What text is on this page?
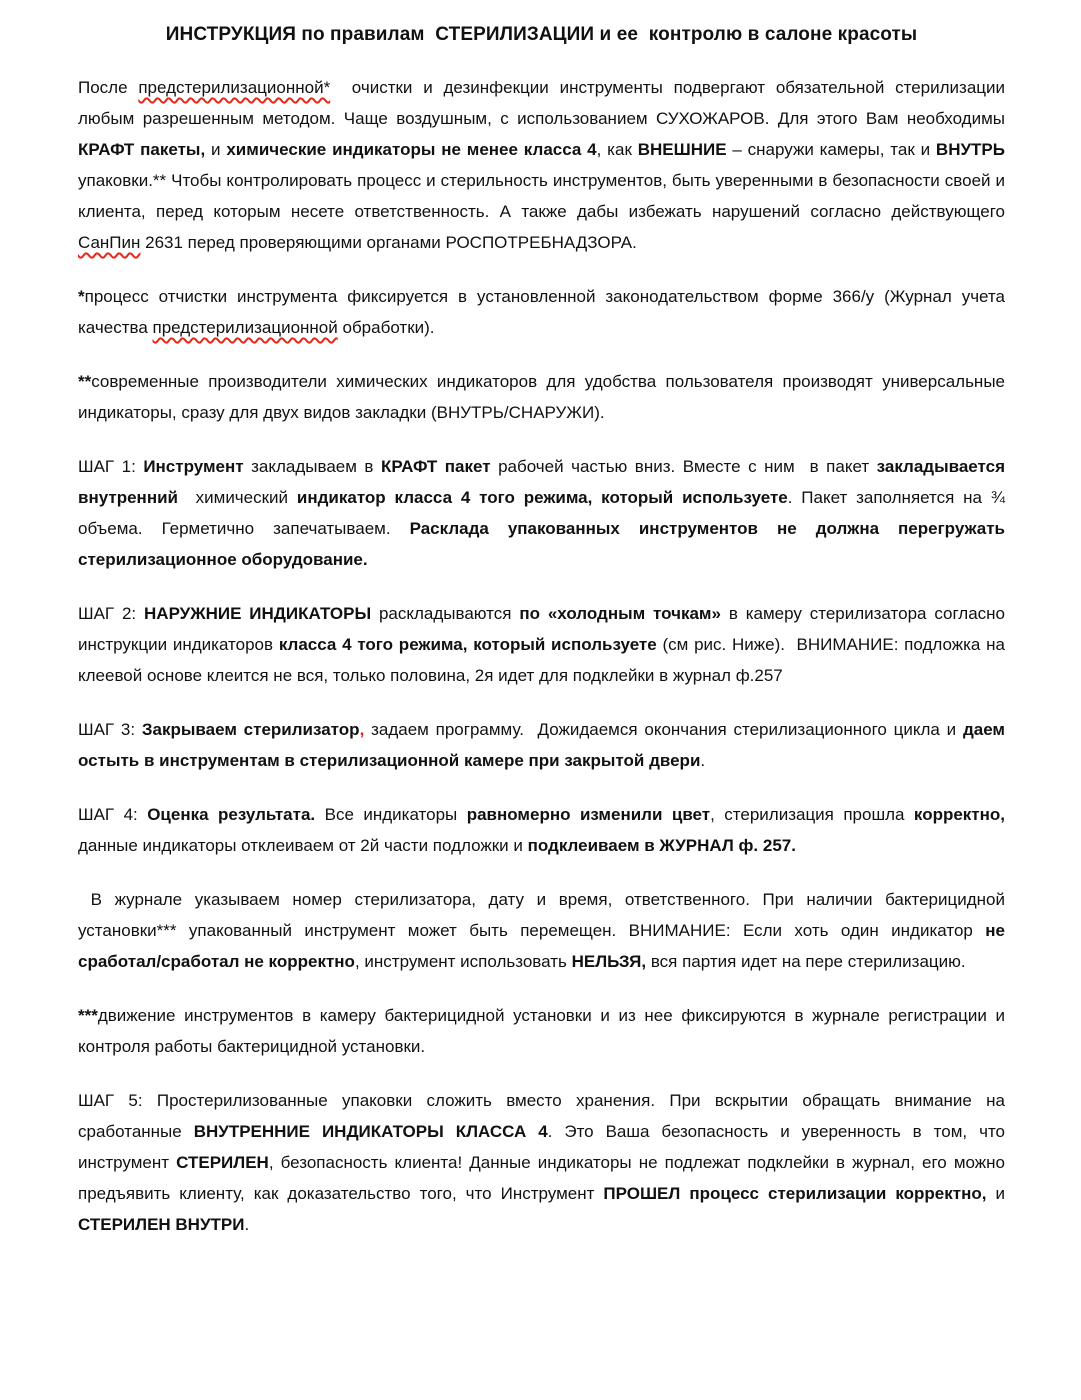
ИНСТРУКЦИЯ по правилам  СТЕРИЛИЗАЦИИ и ее  контролю в салоне красоты

После предстерилизационной*  очистки и дезинфекции инструменты подвергают обязательной стерилизации любым разрешенным методом. Чаще воздушным, с использованием СУХОЖАРОВ. Для этого Вам необходимы КРАФТ пакеты, и химические индикаторы не менее класса 4, как ВНЕШНИЕ – снаружи камеры, так и ВНУТРЬ упаковки.** Чтобы контролировать процесс и стерильность инструментов, быть уверенными в безопасности своей и клиента, перед которым несете ответственность. А также дабы избежать нарушений согласно действующего СанПин 2631 перед проверяющими органами РОСПОТРЕБНАДЗОРА.

*процесс отчистки инструмента фиксируется в установленной законодательством форме 366/у (Журнал учета качества предстерилизационной обработки).

**современные производители химических индикаторов для удобства пользователя производят универсальные индикаторы, сразу для двух видов закладки (ВНУТРЬ/СНАРУЖИ).

ШАГ 1: Инструмент закладываем в КРАФТ пакет рабочей частью вниз. Вместе с ним  в пакет закладывается внутренний  химический индикатор класса 4 того режима, который используете. Пакет заполняется на ¾ объема. Герметично запечатываем. Расклада упакованных инструментов не должна перегружать стерилизационное оборудование.

ШАГ 2: НАРУЖНИЕ ИНДИКАТОРЫ раскладываются по «холодным точкам» в камеру стерилизатора согласно инструкции индикаторов класса 4 того режима, который используете (см рис. Ниже).  ВНИМАНИЕ: подложка на клеевой основе клеится не вся, только половина, 2я идет для подклейки в журнал ф.257

ШАГ 3: Закрываем стерилизатор, задаем программу.  Дожидаемся окончания стерилизационного цикла и даем остыть в инструментам в стерилизационной камере при закрытой двери.

ШАГ 4: Оценка результата. Все индикаторы равномерно изменили цвет, стерилизация прошла корректно, данные индикаторы отклеиваем от 2й части подложки и подклеиваем в ЖУРНАЛ ф. 257.

В журнале указываем номер стерилизатора, дату и время, ответственного. При наличии бактерицидной установки*** упакованный инструмент может быть перемещен. ВНИМАНИЕ: Если хоть один индикатор не сработал/сработал не корректно, инструмент использовать НЕЛЬЗЯ, вся партия идет на пере стерилизацию.

***движение инструментов в камеру бактерицидной установки и из нее фиксируются в журнале регистрации и контроля работы бактерицидной установки.

ШАГ 5: Простерилизованные упаковки сложить вместо хранения. При вскрытии обращать внимание на сработанные ВНУТРЕННИЕ ИНДИКАТОРЫ КЛАССА 4. Это Ваша безопасность и уверенность в том, что инструмент СТЕРИЛЕН, безопасность клиента! Данные индикаторы не подлежат подклейки в журнал, его можно предъявить клиенту, как доказательство того, что Инструмент ПРОШЕЛ процесс стерилизации корректно, и СТЕРИЛЕН ВНУТРИ.
